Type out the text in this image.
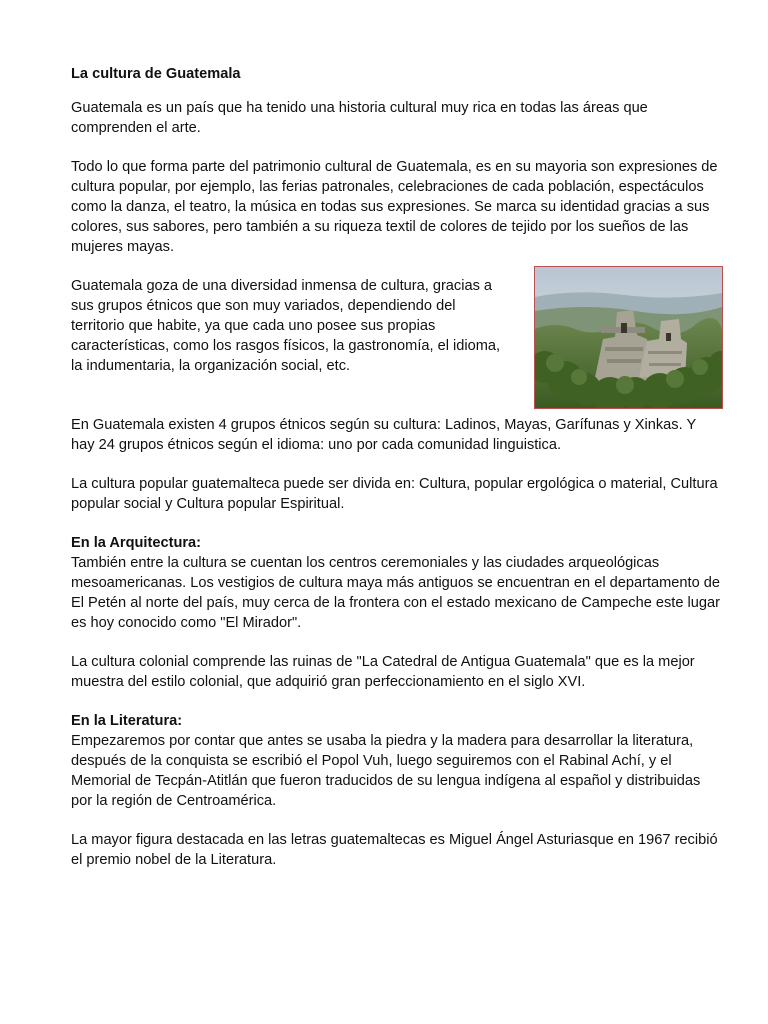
La cultura de Guatemala

Guatemala es un país que ha tenido una historia cultural muy rica en todas las áreas que comprenden el arte.

Todo lo que forma parte del patrimonio cultural de Guatemala, es en su mayoria son expresiones de cultura popular, por ejemplo, las ferias patronales, celebraciones de cada población, espectáculos como la danza, el teatro, la música en todas sus expresiones. Se marca su identidad gracias a sus colores, sus sabores, pero también a su riqueza textil de colores de tejido por los sueños de las mujeres mayas.

Guatemala goza de una diversidad inmensa de cultura, gracias a sus grupos étnicos que son muy variados, dependiendo del territorio que habite, ya que cada uno posee sus propias características, como los rasgos físicos, la gastronomía, el idioma, la indumentaria, la organización social, etc.

En Guatemala existen 4 grupos étnicos según su cultura: Ladinos, Mayas, Garífunas y Xinkas. Y hay 24 grupos étnicos según el idioma: uno por cada comunidad linguistica.

La cultura popular guatemalteca puede ser divida en: Cultura, popular ergológica o material, Cultura popular social y Cultura popular Espiritual.

En la Arquitectura:
También entre la cultura se cuentan los centros ceremoniales y las ciudades arqueológicas mesoamericanas. Los vestigios de cultura maya más antiguos se encuentran en el departamento de El Petén al norte del país, muy cerca de la frontera con el estado mexicano de Campeche este lugar es hoy conocido como "El Mirador".

La cultura colonial comprende las ruinas de "La Catedral de Antigua Guatemala" que es la mejor muestra del estilo colonial, que adquirió gran perfeccionamiento en el siglo XVI.

En la Literatura:
Empezaremos por contar que antes se usaba la piedra y la madera para desarrollar la literatura, después de la conquista se escribió el Popol Vuh, luego seguiremos con el Rabinal Achí, y el Memorial de Tecpán-Atitlán que fueron traducidos de su lengua indígena al español y distribuidas por la región de Centroamérica.

La mayor figura destacada en las letras guatemaltecas es Miguel Ángel Asturiasque en 1967 recibió el premio nobel de la Literatura.
